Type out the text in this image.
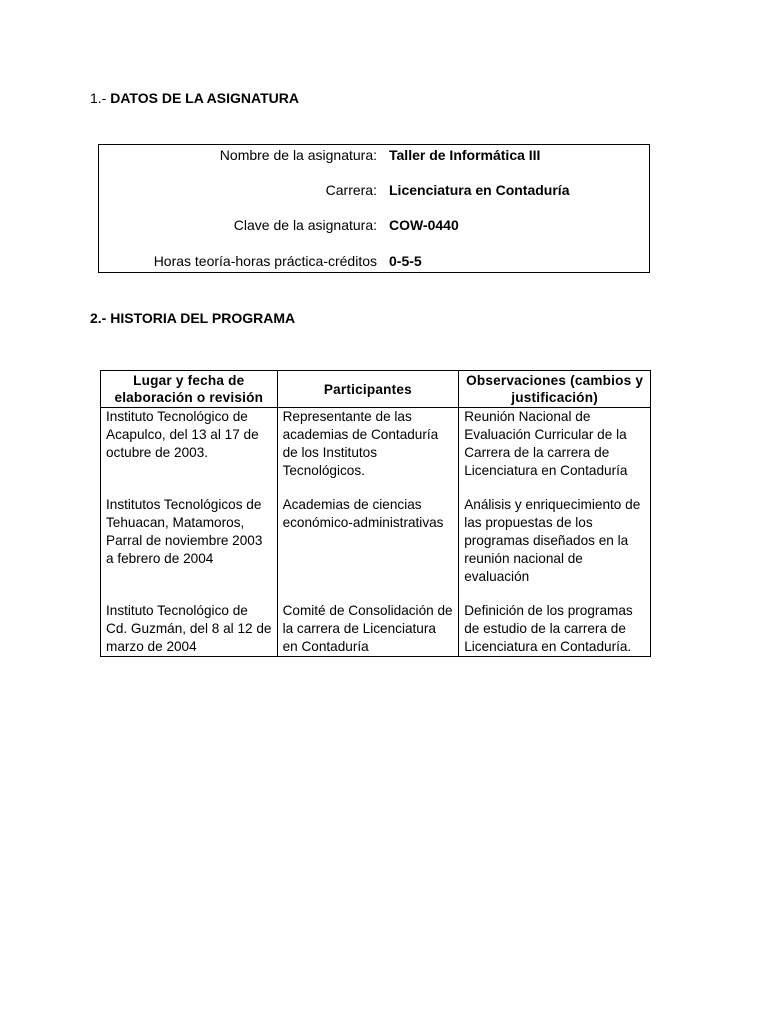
1.- DATOS DE LA ASIGNATURA
Nombre de la asignatura: Taller de Informática III
Carrera: Licenciatura en Contaduría
Clave de la asignatura: COW-0440
Horas teoría-horas práctica-créditos 0-5-5
2.- HISTORIA DEL PROGRAMA
Lugar y fecha de elaboración o revisión	Participantes	Observaciones (cambios y justificación)

Instituto Tecnológico de Acapulco, del 13 al 17 de octubre de 2003.	Representante de las academias de Contaduría de los Institutos Tecnológicos.	Reunión Nacional de Evaluación Curricular de la Carrera de la carrera de Licenciatura en Contaduría

Institutos Tecnológicos de Tehuacan, Matamoros, Parral de noviembre 2003 a febrero de 2004	Academias de ciencias económico-administrativas	Análisis y enriquecimiento de las propuestas de los programas diseñados en la reunión nacional de evaluación

Instituto Tecnológico de Cd. Guzmán, del 8 al 12 de marzo de 2004	Comité de Consolidación de la carrera de Licenciatura en Contaduría	Definición de los programas de estudio de la carrera de Licenciatura en Contaduría.
